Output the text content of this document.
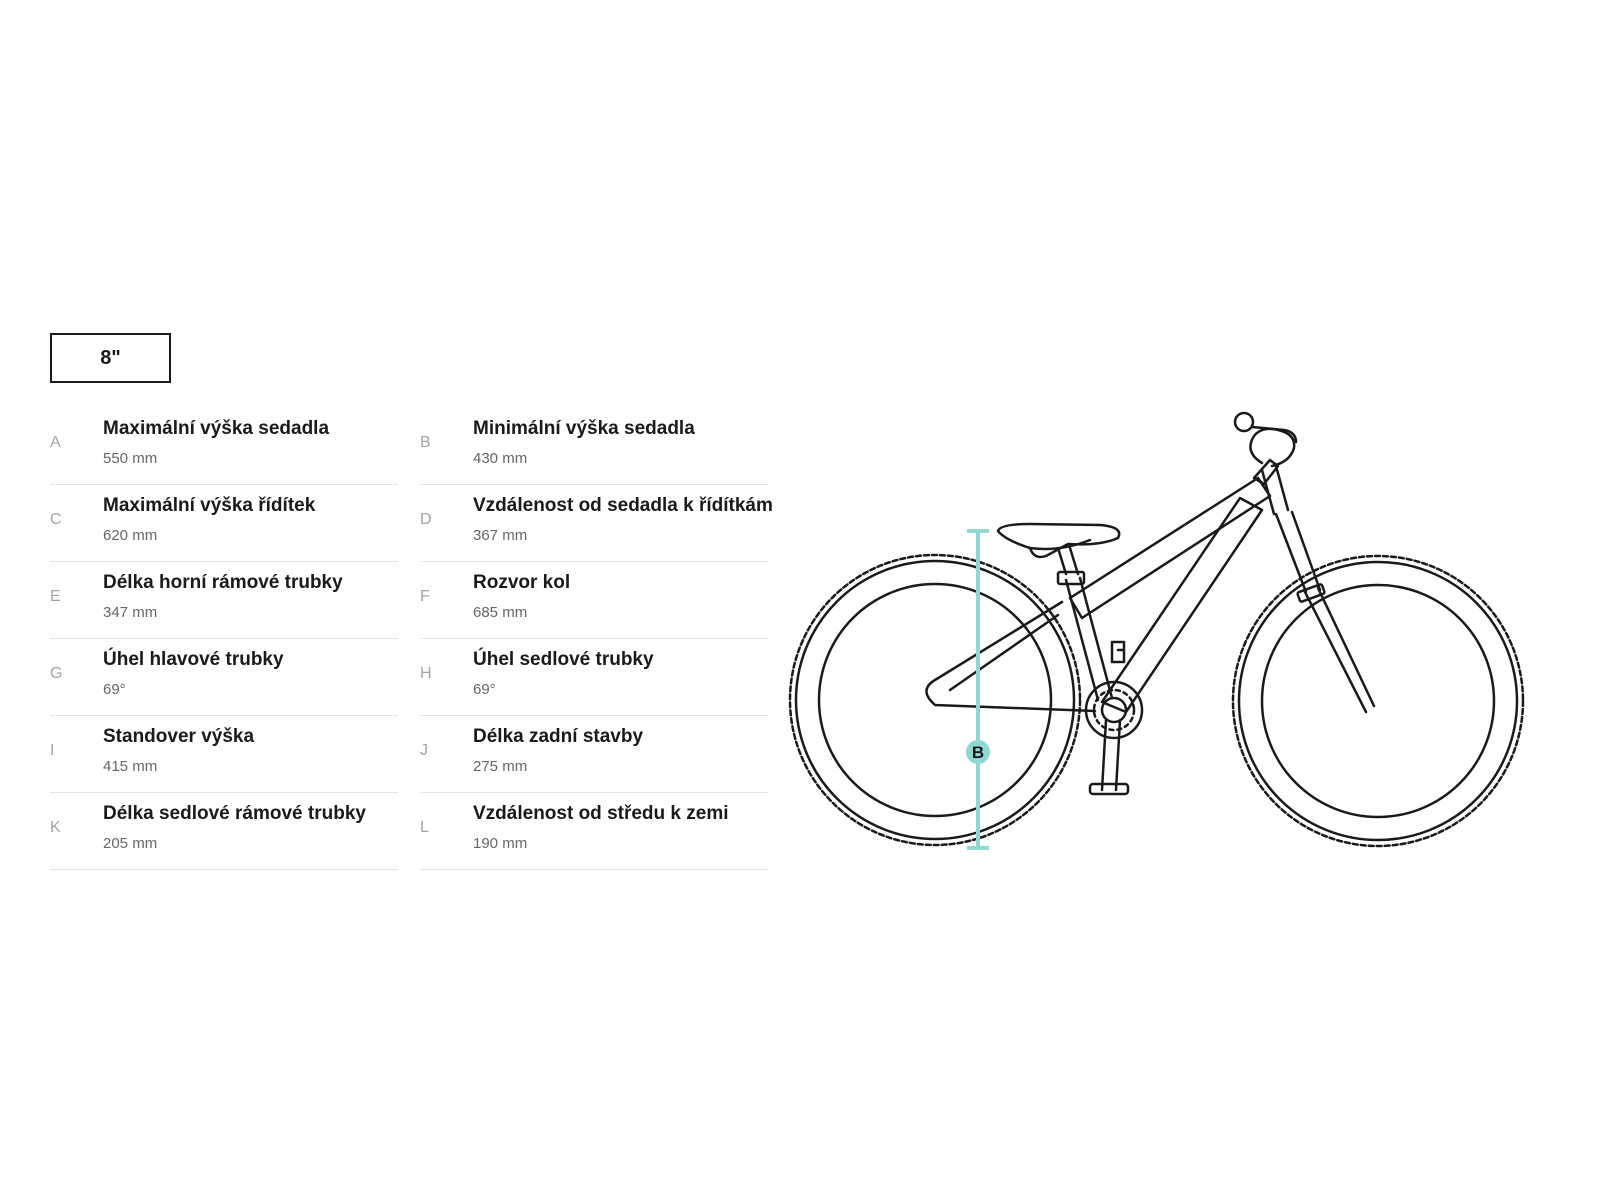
8"
A
Maximální výška sedadla
550 mm
B
Minimální výška sedadla
430 mm
C
Maximální výška řídítek
620 mm
D
Vzdálenost od sedadla k řídítkám
367 mm
E
Délka horní rámové trubky
347 mm
F
Rozvor kol
685 mm
G
Úhel hlavové trubky
69°
H
Úhel sedlové trubky
69°
I
Standover výška
415 mm
J
Délka zadní stavby
275 mm
K
Délka sedlové rámové trubky
205 mm
L
Vzdálenost od středu k zemi
190 mm
B
